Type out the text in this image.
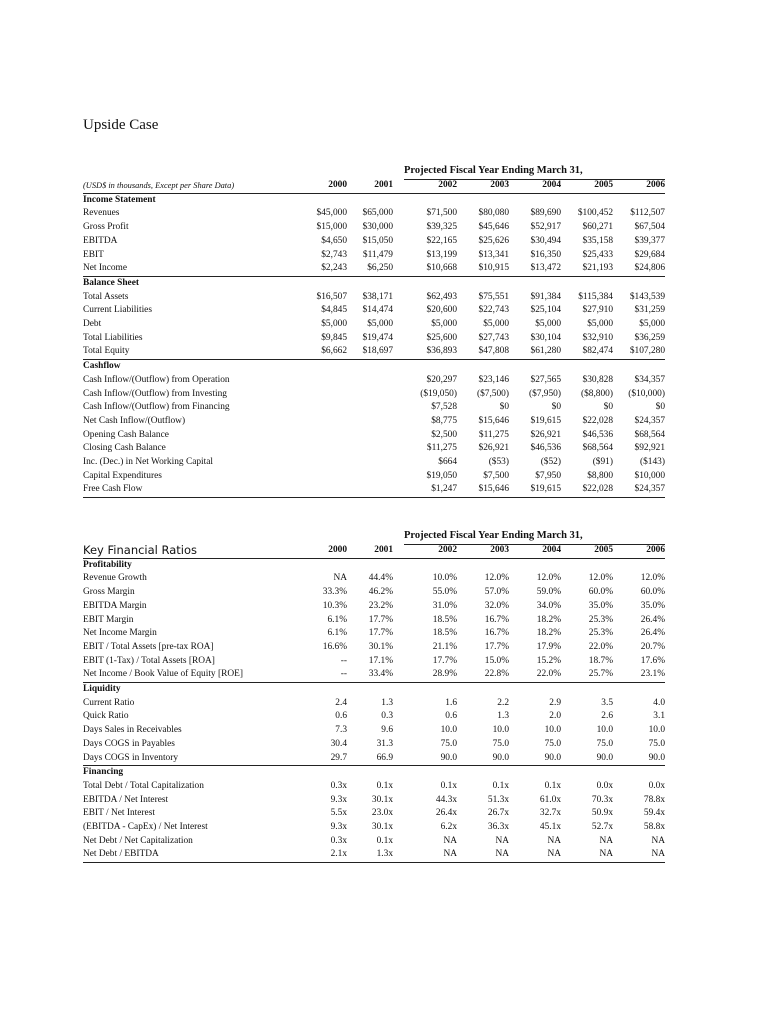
Upside Case
Projected Fiscal Year Ending March 31,
(USD$ in thousands, Except per Share Data)	2000	2001		2002	2003	2004	2005	2006
Income Statement								
Revenues	$45,000	$65,000		$71,500	$80,080	$89,690	$100,452	$112,507
Gross Profit	$15,000	$30,000		$39,325	$45,646	$52,917	$60,271	$67,504
EBITDA	$4,650	$15,050		$22,165	$25,626	$30,494	$35,158	$39,377
EBIT	$2,743	$11,479		$13,199	$13,341	$16,350	$25,433	$29,684
Net Income	$2,243	$6,250		$10,668	$10,915	$13,472	$21,193	$24,806
Balance Sheet								
Total Assets	$16,507	$38,171		$62,493	$75,551	$91,384	$115,384	$143,539
Current Liabilities	$4,845	$14,474		$20,600	$22,743	$25,104	$27,910	$31,259
Debt	$5,000	$5,000		$5,000	$5,000	$5,000	$5,000	$5,000
Total Liabilities	$9,845	$19,474		$25,600	$27,743	$30,104	$32,910	$36,259
Total Equity	$6,662	$18,697		$36,893	$47,808	$61,280	$82,474	$107,280
Cashflow								
Cash Inflow/(Outflow) from Operation				$20,297	$23,146	$27,565	$30,828	$34,357
Cash Inflow/(Outflow) from Investing				($19,050)	($7,500)	($7,950)	($8,800)	($10,000)
Cash Inflow/(Outflow) from Financing				$7,528	$0	$0	$0	$0
Net Cash Inflow/(Outflow)				$8,775	$15,646	$19,615	$22,028	$24,357
Opening Cash Balance				$2,500	$11,275	$26,921	$46,536	$68,564
Closing Cash Balance				$11,275	$26,921	$46,536	$68,564	$92,921
Inc. (Dec.) in Net Working Capital				$664	($53)	($52)	($91)	($143)
Capital Expenditures				$19,050	$7,500	$7,950	$8,800	$10,000
Free Cash Flow				$1,247	$15,646	$19,615	$22,028	$24,357
Projected Fiscal Year Ending March 31,
Key Financial Ratios	2000	2001		2002	2003	2004	2005	2006
Profitability								
Revenue Growth	NA	44.4%		10.0%	12.0%	12.0%	12.0%	12.0%
Gross Margin	33.3%	46.2%		55.0%	57.0%	59.0%	60.0%	60.0%
EBITDA Margin	10.3%	23.2%		31.0%	32.0%	34.0%	35.0%	35.0%
EBIT Margin	6.1%	17.7%		18.5%	16.7%	18.2%	25.3%	26.4%
Net Income Margin	6.1%	17.7%		18.5%	16.7%	18.2%	25.3%	26.4%
EBIT / Total Assets [pre-tax ROA]	16.6%	30.1%		21.1%	17.7%	17.9%	22.0%	20.7%
EBIT (1-Tax) / Total Assets [ROA]	--	17.1%		17.7%	15.0%	15.2%	18.7%	17.6%
Net Income / Book Value of Equity [ROE]	--	33.4%		28.9%	22.8%	22.0%	25.7%	23.1%
Liquidity								
Current Ratio	2.4	1.3		1.6	2.2	2.9	3.5	4.0
Quick Ratio	0.6	0.3		0.6	1.3	2.0	2.6	3.1
Days Sales in Receivables	7.3	9.6		10.0	10.0	10.0	10.0	10.0
Days COGS in Payables	30.4	31.3		75.0	75.0	75.0	75.0	75.0
Days COGS in Inventory	29.7	66.9		90.0	90.0	90.0	90.0	90.0
Financing								
Total Debt / Total Capitalization	0.3x	0.1x		0.1x	0.1x	0.1x	0.0x	0.0x
EBITDA / Net Interest	9.3x	30.1x		44.3x	51.3x	61.0x	70.3x	78.8x
EBIT / Net Interest	5.5x	23.0x		26.4x	26.7x	32.7x	50.9x	59.4x
(EBITDA - CapEx) / Net Interest	9.3x	30.1x		6.2x	36.3x	45.1x	52.7x	58.8x
Net Debt / Net Capitalization	0.3x	0.1x		NA	NA	NA	NA	NA
Net Debt / EBITDA	2.1x	1.3x		NA	NA	NA	NA	NA
